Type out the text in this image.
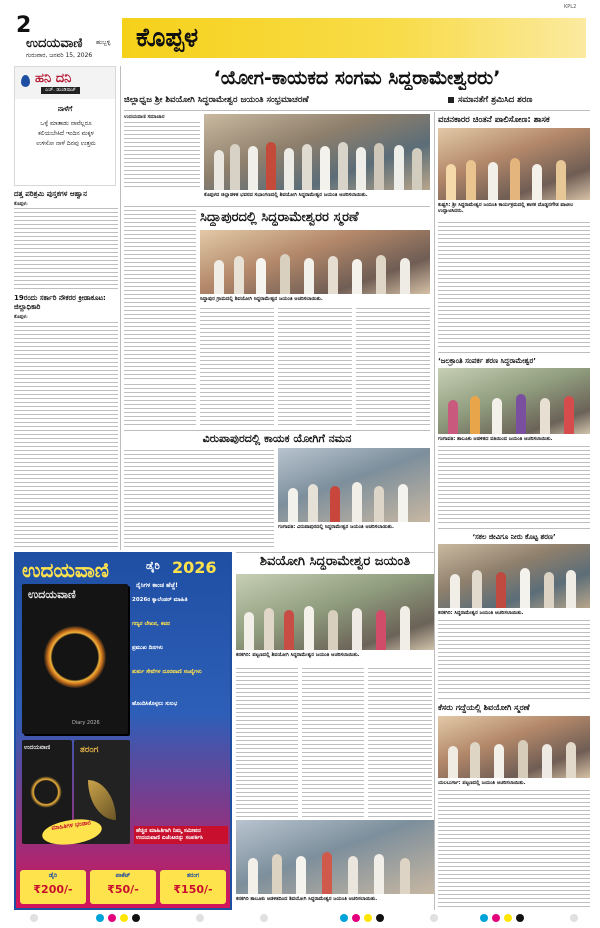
2
ಉದಯವಾಣಿ ಹುಬ್ಬಳ್ಳಿ
ಗುರುವಾರ, ಜನವರಿ 15, 2026
ಕೊಪ್ಪಳ
KPL2
ಹನಿ ದನಿ
ಎಚ್. ಡುಂಡಿರಾಜ್
ನಾಳೆಗೆ
ಒಳ್ಳೆ ಮಾತಾಡು ನಾವೆಲ್ಲರೂ ಕಲಿಯಬೇಕಿದೆ ಇಂದಿನ ಮಕ್ಕಳ ಉಳಿಸೋ ನಾಳೆ ದಿನವು ಉತ್ತಮ
ದತ್ತ ಪರಿಶ್ರಮಿ ಪುಸ್ತಕಗಳ ಆಹ್ವಾನ
ಕೊಪ್ಪಳ:
19ರಂದು ಸರ್ಕಾರಿ ನೌಕರರ ಕ್ರೀಡಾಕೂಟ: ಜಿಲ್ಲಾಧಿಕಾರಿ
ಕೊಪ್ಪಳ:
‘ಯೋಗ-ಕಾಯಕದ ಸಂಗಮ ಸಿದ್ಧರಾಮೇಶ್ವರರು’
ಜಿಲ್ಲಾಧ್ವಜ ಶ್ರೀ ಶಿವಯೋಗಿ ಸಿದ್ಧರಾಮೇಶ್ವರ ಜಯಂತಿ ಸಂಭ್ರಮಾಚರಣೆ	ಸಮಾನತೆಗೆ ಶ್ರಮಿಸಿದ ಶರಣ
ಉದಯವಾಣಿ ಸಮಾಚಾರ
ಕೊಪ್ಪಳದ ಜಿಲ್ಲಾಡಳಿತ ಭವನದ ಸಭಾಂಗಣದಲ್ಲಿ ಶಿವಯೋಗಿ ಸಿದ್ಧರಾಮೇಶ್ವರ ಜಯಂತಿ ಆಚರಿಸಲಾಯಿತು.
ಸಿದ್ದಾಪುರದಲ್ಲಿ ಸಿದ್ಧರಾಮೇಶ್ವರರ ಸ್ಮರಣೆ
ಸಿದ್ದಾಪುರ ಗ್ರಾಮದಲ್ಲಿ ಶಿವಯೋಗಿ ಸಿದ್ಧರಾಮೇಶ್ವರ ಜಯಂತಿ ಆಚರಿಸಲಾಯಿತು.
ವಿರುಪಾಪುರದಲ್ಲಿ ಕಾಯಕ ಯೋಗಿಗೆ ನಮನ
ಗಂಗಾವತಿ: ವಿರುಪಾಪುರದಲ್ಲಿ ಸಿದ್ಧರಾಮೇಶ್ವರ ಜಯಂತಿ ಆಚರಿಸಲಾಯಿತು.
ವಚನಕಾರರ ಚಿಂತನೆ ಪಾಲಿಸೋಣ: ಶಾಸಕ
ಕುಷ್ಟಗಿ: ಶ್ರೀ ಸಿದ್ಧರಾಮೇಶ್ವರ ಜಯಂತಿ ಕಾರ್ಯಕ್ರಮದಲ್ಲಿ ಶಾಸಕ ದೊಡ್ಡನಗೌಡ ಪಾಟೀಲ ಉದ್ಘಾಟಿಸಿದರು.
‘ಜಲಕ್ರಾಂತಿ ಸಂಪರ್ಕ ಶರಣ ಸಿದ್ಧರಾಮೇಶ್ವರ’
ಗಂಗಾವತಿ: ತಾಲೂಕು ಆಡಳಿತದ ವತಿಯಿಂದ ಜಯಂತಿ ಆಚರಿಸಲಾಯಿತು.
‘ಸಕಲ ಜೀವಿಗೂ ನೀರು ಕೊಟ್ಟ ಶರಣ’
ಕನಕಗಿರಿ: ಸಿದ್ಧರಾಮೇಶ್ವರ ಜಯಂತಿ ಆಚರಿಸಲಾಯಿತು.
ಕೆಸರು ಗದ್ದೆಯಲ್ಲಿ ಶಿವಯೋಗಿ ಸ್ಮರಣೆ
ಯಲಬುರ್ಗಾ: ಪಟ್ಟಣದಲ್ಲಿ ಜಯಂತಿ ಆಚರಿಸಲಾಯಿತು.
ಶಿವಯೋಗಿ ಸಿದ್ಧರಾಮೇಶ್ವರ ಜಯಂತಿ
ಕನಕಗಿರಿ: ಪಟ್ಟಣದಲ್ಲಿ ಶಿವಯೋಗಿ ಸಿದ್ಧರಾಮೇಶ್ವರ ಜಯಂತಿ ಆಚರಿಸಲಾಯಿತು.
ಕನಕಗಿರಿ ತಾಲೂಕು ಆಡಳಿತದಿಂದ ಶಿವಯೋಗಿ ಸಿದ್ಧರಾಮೇಶ್ವರ ಜಯಂತಿ ಆಚರಿಸಲಾಯಿತು.
ಉದಯವಾಣಿ	ಡೈರಿ 2026
ನೈಸಿಗಳ ಕಾಂಚ ಹೆಜ್ಜೆ!
ಉದಯವಾಣಿ
Diary 2026
2026ರ ಕ್ಯಾಲೆಂಡರ್ ಮಾಹಿತಿ
ಗಣ್ಯರ ಲೇಖನ, ಕವನ
ಪ್ರಮುಖ ದಿನಗಳು
ತುರ್ತು ಸೇವೆಗಳ ದೂರವಾಣಿ ಸಂಖ್ಯೆಗಳು
ಹೊಂದಿಸಿಕೊಳ್ಳಲು ಸುಲಭ
ಉದಯವಾಣಿ	ತರಂಗ
ಮಾಹಿತಿಗಳ ಭಂಡಾರ	ಹೆಚ್ಚಿನ ಮಾಹಿತಿಗಾಗಿ ನಿಮ್ಮ ಸಮೀಪದ ಉದಯವಾಣಿ ಏಜೆಂಟರನ್ನು ಸಂಪರ್ಕಿಸಿ
ಡೈರಿ
₹200/-
ಪಾಕೆಟ್
₹50/-
ತರಂಗ
₹150/-
